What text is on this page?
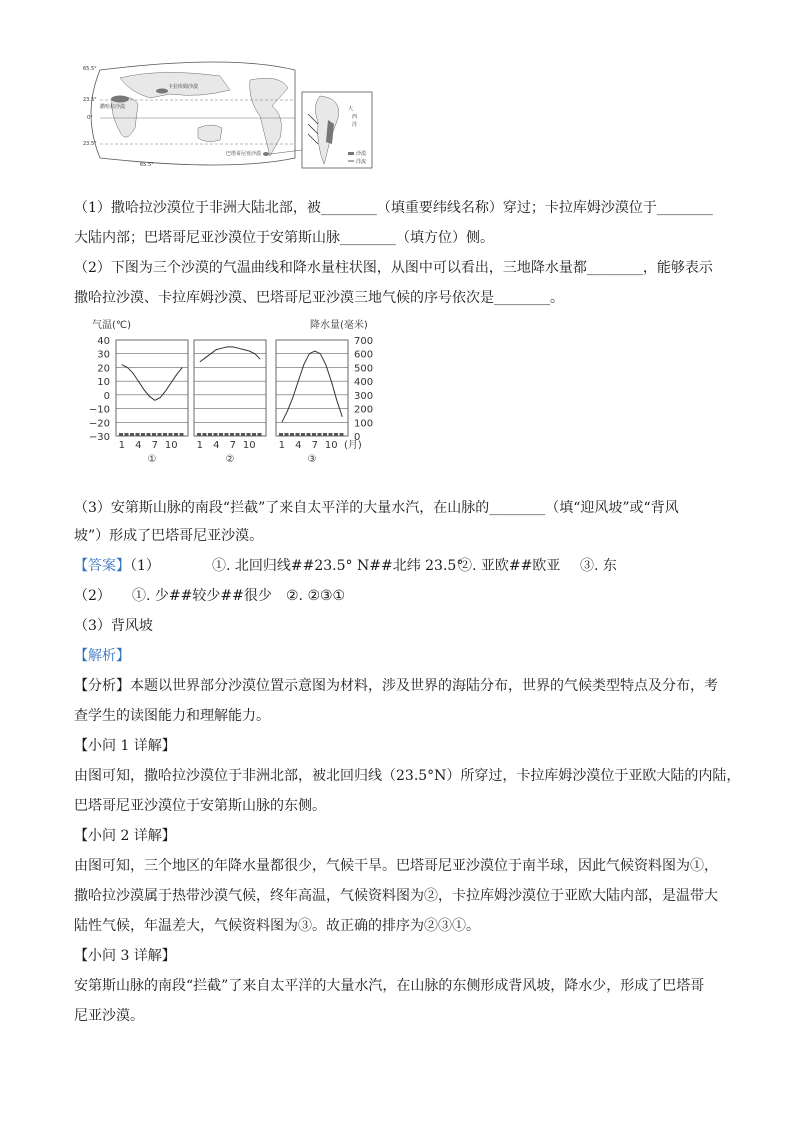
65.5°
23.5°
0°
23.5°
65.5°
卡拉库姆沙漠
撒哈拉沙漠
巴塔哥尼亚沙漠
大
西
洋
沙漠
洋流
（1）撒哈拉沙漠位于非洲大陆北部，被________（填重要纬线名称）穿过；卡拉库姆沙漠位于________
大陆内部；巴塔哥尼亚沙漠位于安第斯山脉________（填方位）侧。
（2）下图为三个沙漠的气温曲线和降水量柱状图，从图中可以看出，三地降水量都________，能够表示
撒哈拉沙漠、卡拉库姆沙漠、巴塔哥尼亚沙漠三地气候的序号依次是________。
气温(℃)	降水量(毫米)
40
30
20
10
0
−10
−20
−30
700
600
500
400
300
200
100
0
1 4 7 10
①
1 4 7 10
②
1 4 7 10
③
(月)
（3）安第斯山脉的南段“拦截”了来自太平洋的大量水汽，在山脉的________（填“迎风坡”或“背风
坡”）形成了巴塔哥尼亚沙漠。
【答案】（1）	①. 北回归线##23.5° N##北纬 23.5°
②. 亚欧##欧亚 ③. 东
（2） ①. 少##较少##很少 ②. ②③①
（3）背风坡
【解析】
【分析】本题以世界部分沙漠位置示意图为材料，涉及世界的海陆分布，世界的气候类型特点及分布，考
查学生的读图能力和理解能力。
【小问 1 详解】
由图可知，撒哈拉沙漠位于非洲北部，被北回归线（23.5°N）所穿过，卡拉库姆沙漠位于亚欧大陆的内陆，
巴塔哥尼亚沙漠位于安第斯山脉的东侧。
【小问 2 详解】
由图可知，三个地区的年降水量都很少，气候干旱。巴塔哥尼亚沙漠位于南半球，因此气候资料图为①，
撒哈拉沙漠属于热带沙漠气候，终年高温，气候资料图为②，卡拉库姆沙漠位于亚欧大陆内部，是温带大
陆性气候，年温差大，气候资料图为③。故正确的排序为②③①。
【小问 3 详解】
安第斯山脉的南段“拦截”了来自太平洋的大量水汽，在山脉的东侧形成背风坡，降水少，形成了巴塔哥
尼亚沙漠。
